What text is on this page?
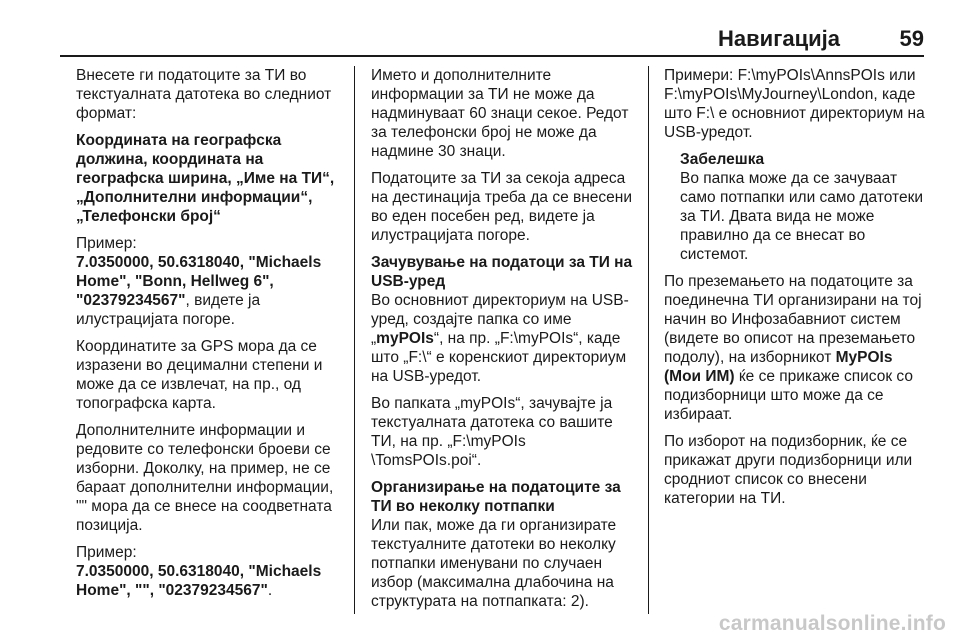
Навигација	59

Внесете ги податоците за ТИ во текстуалната датотека во следниот формат:

Координата на географска должина, координата на географска ширина, „Име на ТИ“, „Дополнителни информации“, „Телефонски број“

Пример:
7.0350000, 50.6318040, "Michaels Home", "Bonn, Hellweg 6", "02379234567", видете ја илустрацијата погоре.

Координатите за GPS мора да се изразени во децимални степени и може да се извлечат, на пр., од топографска карта.

Дополнителните информации и редовите со телефонски броеви се изборни. Доколку, на пример, не се бараат дополнителни информации, "" мора да се внесе на соодветната позиција.

Пример:
7.0350000, 50.6318040, "Michaels Home", "", "02379234567".

Името и дополнителните информации за ТИ не може да надминуваат 60 знаци секое. Редот за телефонски број не може да надмине 30 знаци.

Податоците за ТИ за секоја адреса на дестинација треба да се внесени во еден посебен ред, видете ја илустрацијата погоре.

Зачувување на податоци за ТИ на USB-уред

Во основниот директориум на USB-уред, создајте папка со име „myPOIs“, на пр. „F:\myPOIs“, каде што „F:\“ е коренскиот директориум на USB-уредот.

Во папката „myPOIs“, зачувајте ја текстуалната датотека со вашите ТИ, на пр. „F:\myPOIs \TomsPOIs.poi“.

Организирање на податоците за ТИ во неколку потпапки

Или пак, може да ги организирате текстуалните датотеки во неколку потпапки именувани по случаен избор (максимална длабочина на структурата на потпапката: 2).

Примери: F:\myPOIs\AnnsPOIs или F:\myPOIs\MyJourney\London, каде што F:\ е основниот директориум на USB-уредот.

Забелешка
Во папка може да се зачуваат само потпапки или само датотеки за ТИ. Двата вида не може правилно да се внесат во системот.

По преземањето на податоците за поединечна ТИ организирани на тој начин во Инфозабавниот систем (видете во описот на преземањето подолу), на изборникот MyPOIs (Мои ИМ) ќе се прикаже список со подизборници што може да се избираат.

По изборот на подизборник, ќе се прикажат други подизборници или сродниот список со внесени категории на ТИ.

carmanualsonline.info
